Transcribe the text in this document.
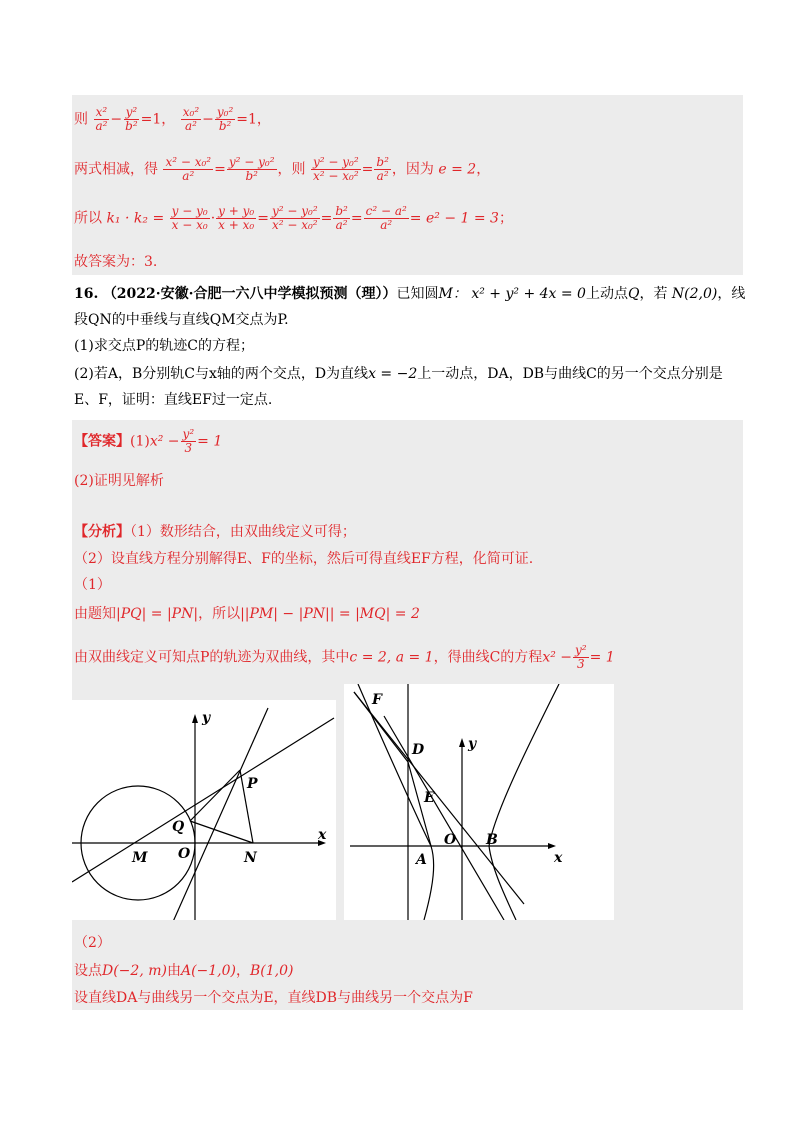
则 $\frac{\text{x²}}{\text{a²}} - \frac{\text{y²}}{\text{b²}} =1$， $\frac{\text{x₀²}}{\text{a²}} - \frac{\text{y₀²}}{\text{b²}} =1$，
两式相减，得 $\frac{\text{x² − x₀²}}{\text{a²}} = \frac{\text{y² − y₀²}}{\text{b²}}$ ，则 $\frac{\text{y² − y₀²}}{\text{x² − x₀²}} = \frac{\text{b²}}{\text{a²}}$ ，因为 e = 2，
所以 $k_1 \cdot k_2 = \frac{\text{y − y₀}}{\text{x − x₀}} \cdot \frac{\text{y + y₀}}{\text{x + x₀}} = \frac{\text{y² − y₀²}}{\text{x² − x₀²}} = \frac{\text{b²}}{\text{a²}} = \frac{\text{c² − a²}}{\text{a²}} = e^2 - 1 = 3$；
故答案为：3.
16. （2022·安徽·合肥一六八中学模拟预测（理））已知圆M： x² + y² + 4x = 0上动点Q，若 N(2,0)，线
段QN的中垂线与直线QM交点为P.
(1)求交点P的轨迹C的方程；
(2)若A，B分别轨C与x轴的两个交点，D为直线x = −2上一动点，DA，DB与曲线C的另一个交点分别是
E、F，证明：直线EF过一定点.
【答案】$(1)x^2 - \frac{\text{y²}}{3} = 1$
(2)证明见解析
【分析】（1）数形结合，由双曲线定义可得；
（2）设直线方程分别解得E、F的坐标，然后可得直线EF方程，化简可证.
（1）
由题知|PQ| = |PN|，所以||PM| − |PN|| = |MQ| = 2
由双曲线定义可知点P的轨迹为双曲线，其中c = 2, a = 1，得曲线C的方程$x^2 - \frac{\text{y²}}{3} = 1$
y
x
P
Q
O
M	N
F
D	y
E
O B
A	x
（2）
设点D(−2, m)由A(−1,0)，B(1,0)
设直线DA与曲线另一个交点为E，直线DB与曲线另一个交点为F
